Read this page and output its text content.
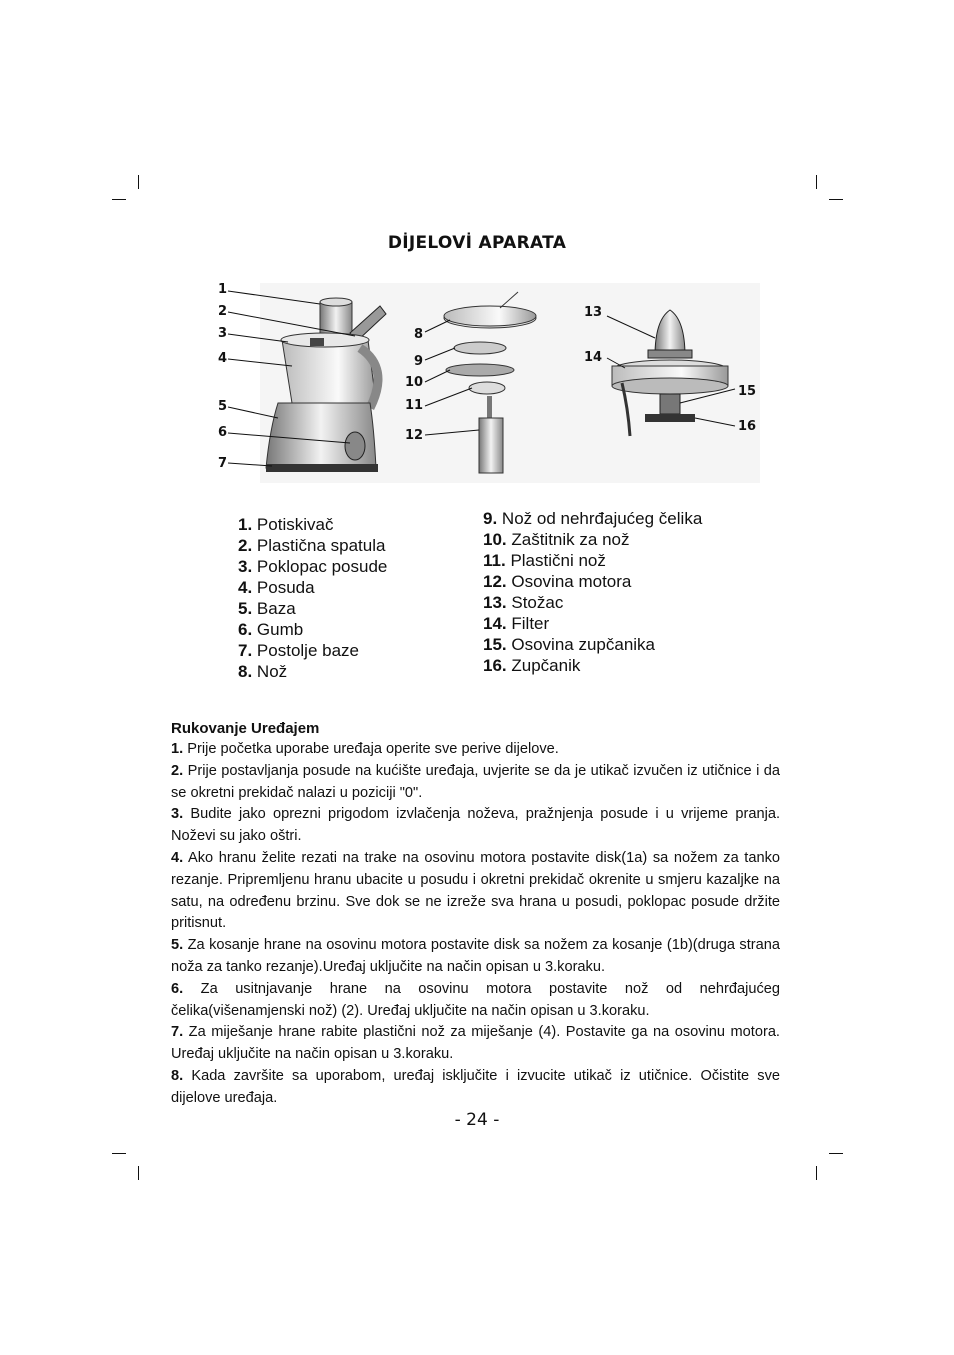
DİJELOVİ APARATA
1
2
3
4
5
6
7
8
9
10
11
12
13
14
15
16
1. Potiskivač
2. Plastična spatula
3. Poklopac posude
4. Posuda
5. Baza
6. Gumb
7. Postolje baze
8. Nož
9. Nož od nehrđajućeg čelika
10. Zaštitnik za nož
11. Plastični nož
12. Osovina motora
13. Stožac
14. Filter
15. Osovina zupčanika
16. Zupčanik
Rukovanje Uređajem

1. Prije početka uporabe uređaja operite sve perive dijelove.

2. Prije postavljanja posude na kućište uređaja, uvjerite se da je utikač izvučen iz utičnice i da se okretni prekidač nalazi u poziciji "0".

3. Budite jako oprezni prigodom izvlačenja noževa, pražnjenja posude i u vrijeme pranja. Noževi su jako oštri.

4. Ako hranu želite rezati na trake na osovinu motora postavite disk(1a) sa nožem za tanko rezanje. Pripremljenu hranu ubacite u posudu i okretni prekidač okrenite u smjeru kazaljke na satu, na određenu brzinu. Sve dok se ne izreže sva hrana u posudi, poklopac posude držite pritisnut.

5. Za kosanje hrane na osovinu motora postavite disk sa nožem za kosanje (1b)(druga strana noža za tanko rezanje).Uređaj uključite na način opisan u 3.koraku.

6. Za usitnjavanje hrane na osovinu motora postavite nož od nehrđajućeg čelika(višenamjenski nož) (2). Uređaj uključite na način opisan u 3.koraku.

7. Za miješanje hrane rabite plastični nož za miješanje (4). Postavite ga na osovinu motora. Uređaj uključite na način opisan u 3.koraku.

8. Kada završite sa uporabom, uređaj isključite i izvucite utikač iz utičnice. Očistite sve dijelove uređaja.

- 24 -
